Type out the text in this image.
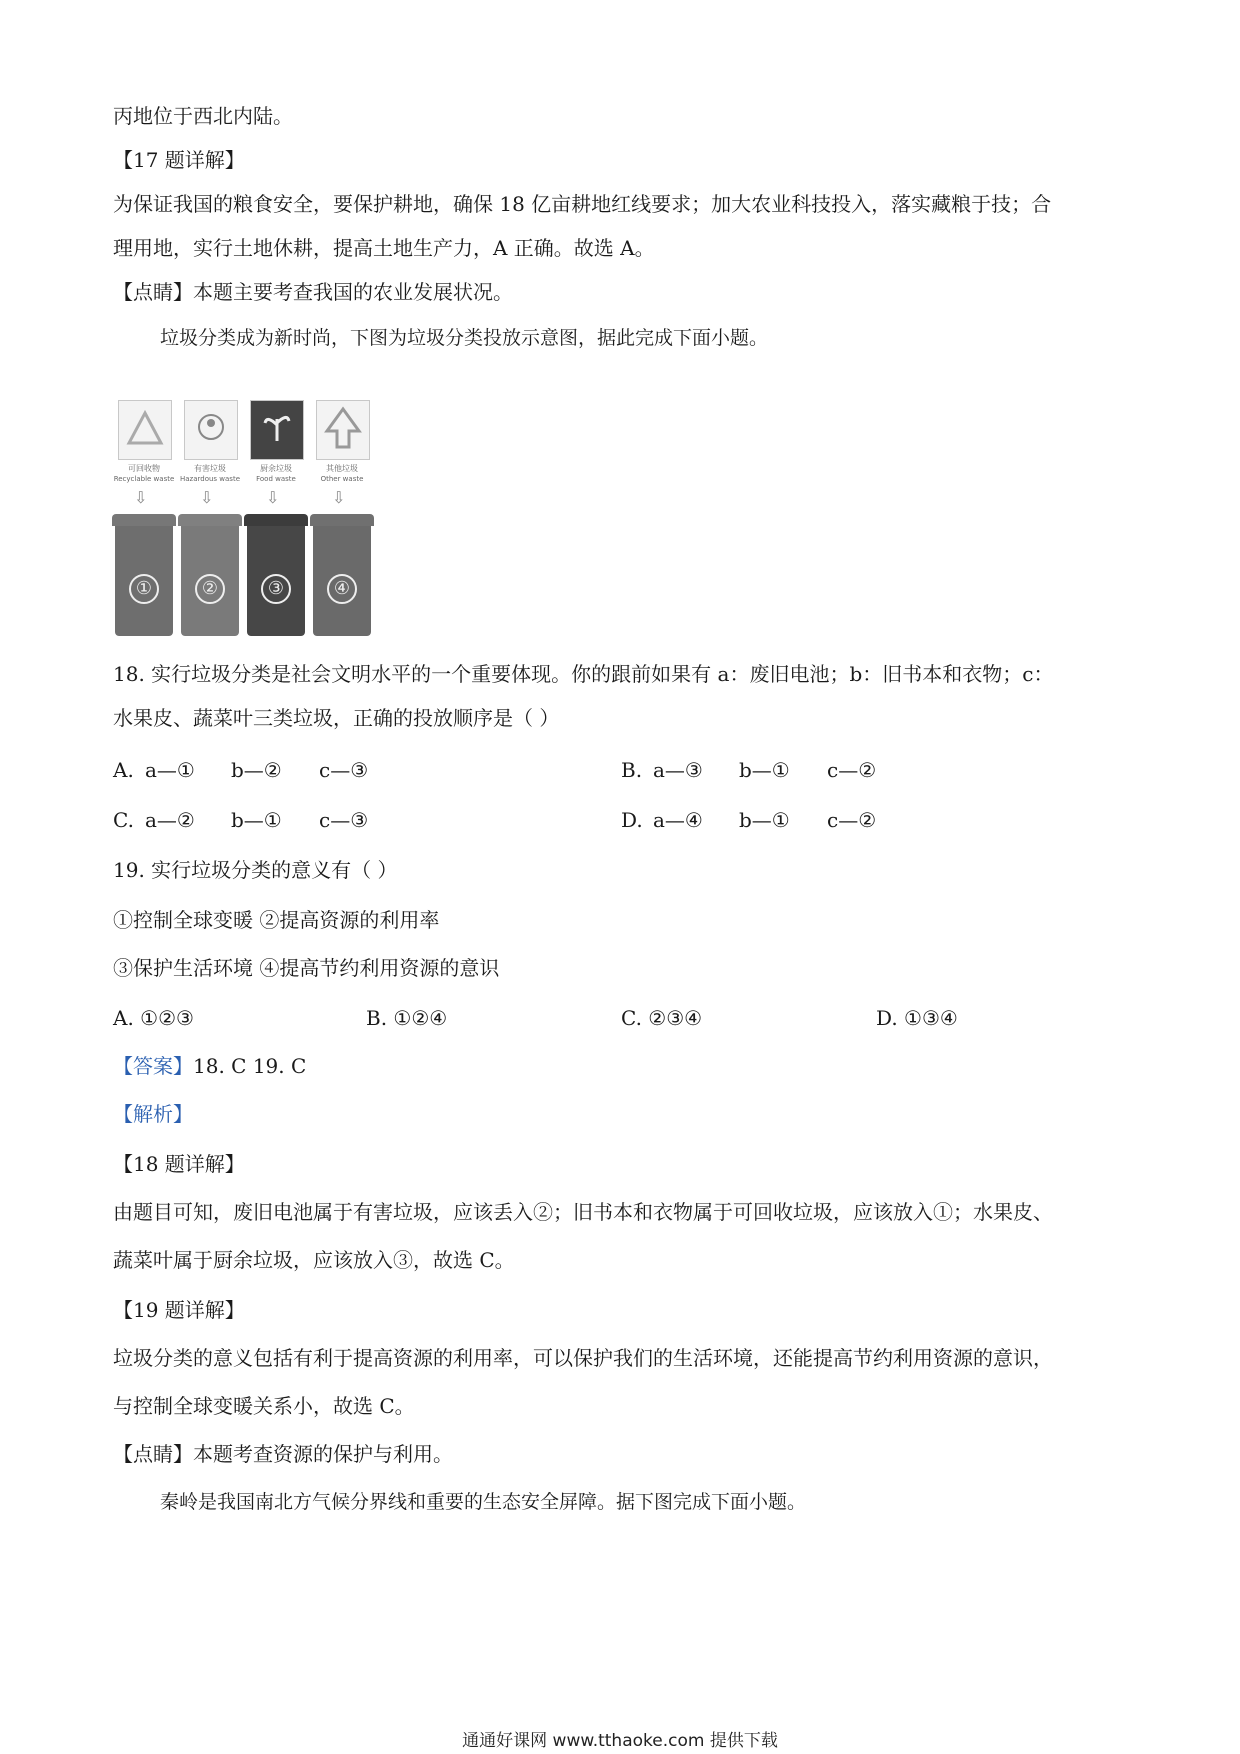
丙地位于西北内陆。
【17 题详解】
为保证我国的粮食安全，要保护耕地，确保 18 亿亩耕地红线要求；加大农业科技投入，落实藏粮于技；合
理用地，实行土地休耕，提高土地生产力，A 正确。故选 A。
【点睛】本题主要考查我国的农业发展状况。
垃圾分类成为新时尚，下图为垃圾分类投放示意图，据此完成下面小题。
可回收物
Recyclable waste
⇩
①
有害垃圾
Hazardous waste
⇩
②
厨余垃圾
Food waste
⇩
③
其他垃圾
Other waste
⇩
④
18. 实行垃圾分类是社会文明水平的一个重要体现。你的跟前如果有 a：废旧电池；b：旧书本和衣物；c：
水果皮、蔬菜叶三类垃圾，正确的投放顺序是（ ）
A. a—① b—② c—③	B. a—③ b—① c—②
C. a—② b—① c—③	D. a—④ b—① c—②
19. 实行垃圾分类的意义有（ ）
①控制全球变暖 ②提高资源的利用率
③保护生活环境 ④提高节约利用资源的意识
A. ①②③	B. ①②④	C. ②③④	D. ①③④
【答案】18. C 19. C
【解析】
【18 题详解】
由题目可知，废旧电池属于有害垃圾，应该丢入②；旧书本和衣物属于可回收垃圾，应该放入①；水果皮、
蔬菜叶属于厨余垃圾，应该放入③，故选 C。
【19 题详解】
垃圾分类的意义包括有利于提高资源的利用率，可以保护我们的生活环境，还能提高节约利用资源的意识，
与控制全球变暖关系小，故选 C。
【点睛】本题考查资源的保护与利用。
秦岭是我国南北方气候分界线和重要的生态安全屏障。据下图完成下面小题。
通通好课网 www.tthaoke.com 提供下载
